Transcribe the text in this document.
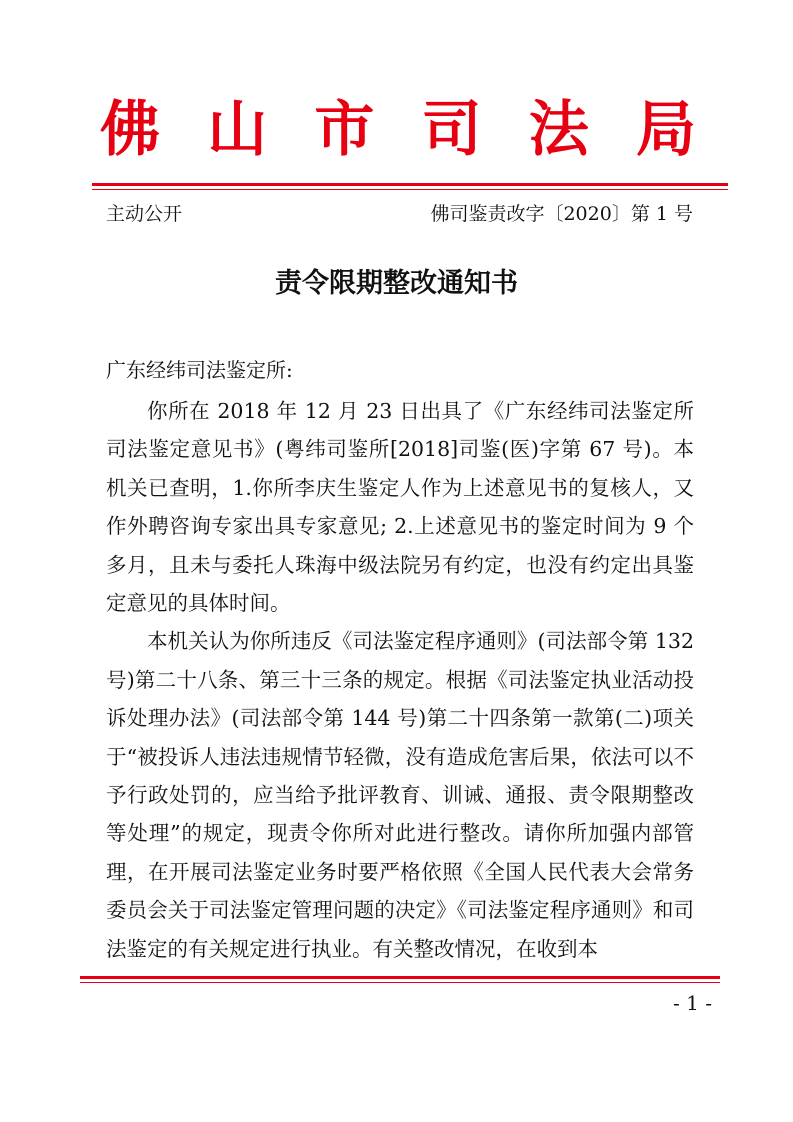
佛 山 市 司 法 局
主动公开	佛司鉴责改字〔2020〕第 1 号
责令限期整改通知书
广东经纬司法鉴定所:

你所在 2018 年 12 月 23 日出具了《广东经纬司法鉴定所司法鉴定意见书》(粤纬司鉴所[2018]司鉴(医)字第 67 号)。本机关已查明，1.你所李庆生鉴定人作为上述意见书的复核人，又作外聘咨询专家出具专家意见; 2.上述意见书的鉴定时间为 9 个多月，且未与委托人珠海中级法院另有约定，也没有约定出具鉴定意见的具体时间。

本机关认为你所违反《司法鉴定程序通则》(司法部令第 132 号)第二十八条、第三十三条的规定。根据《司法鉴定执业活动投诉处理办法》(司法部令第 144 号)第二十四条第一款第(二)项关于“被投诉人违法违规情节轻微，没有造成危害后果，依法可以不予行政处罚的，应当给予批评教育、训诫、通报、责令限期整改等处理”的规定，现责令你所对此进行整改。请你所加强内部管理，在开展司法鉴定业务时要严格依照《全国人民代表大会常务委员会关于司法鉴定管理问题的决定》《司法鉴定程序通则》和司法鉴定的有关规定进行执业。有关整改情况，在收到本

- 1 -
